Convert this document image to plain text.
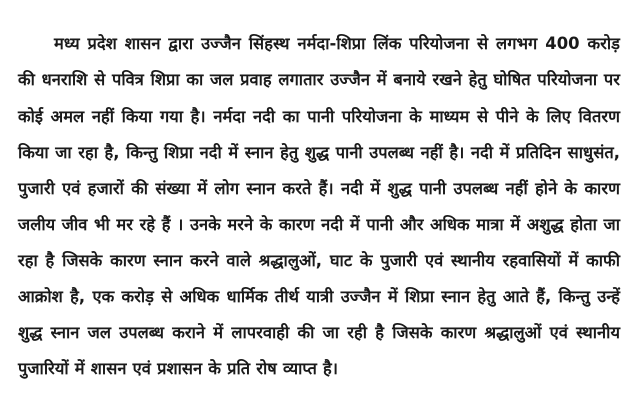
मध्य प्रदेश शासन द्वारा उज्जैन सिंहस्थ नर्मदा-शिप्रा लिंक परियोजना से लगभग 400 करोड़ की धनराशि से पवित्र शिप्रा का जल प्रवाह लगातार उज्जैन में बनाये रखने हेतु घोषित परियोजना पर कोई अमल नहीं किया गया है। नर्मदा नदी का पानी परियोजना के माध्यम से पीने के लिए वितरण किया जा रहा है, किन्तु शिप्रा नदी में स्नान हेतु शुद्ध पानी उपलब्ध नहीं है। नदी में प्रतिदिन साधुसंत, पुजारी एवं हजारों की संख्या में लोग स्नान करते हैं। नदी में शुद्ध पानी उपलब्ध नहीं होने के कारण जलीय जीव भी मर रहे हैं । उनके मरने के कारण नदी में पानी और अधिक मात्रा में अशुद्ध होता जा रहा है जिसके कारण स्नान करने वाले श्रद्धालुओं, घाट के पुजारी एवं स्थानीय रहवासियों में काफी आक्रोश है, एक करोड़ से अधिक धार्मिक तीर्थ यात्री उज्जैन में शिप्रा स्नान हेतु आते हैं, किन्तु उन्हें शुद्ध स्नान जल उपलब्ध कराने में लापरवाही की जा रही है जिसके कारण श्रद्धालुओं एवं स्थानीय पुजारियों में शासन एवं प्रशासन के प्रति रोष व्याप्त है।
